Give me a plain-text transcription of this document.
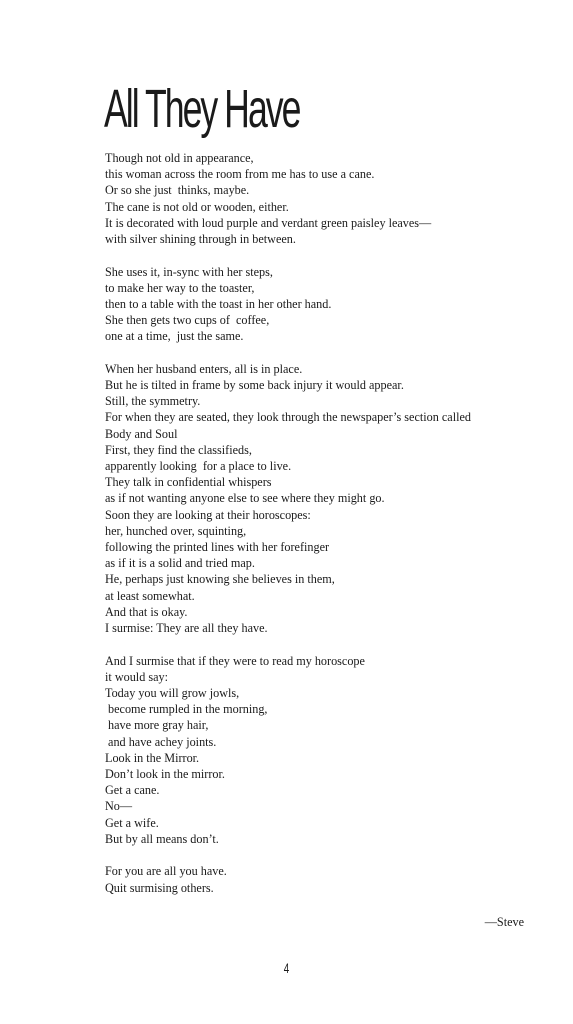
All They Have
Though not old in appearance,
this woman across the room from me has to use a cane.
Or so she just  thinks, maybe.
The cane is not old or wooden, either.
It is decorated with loud purple and verdant green paisley leaves—
with silver shining through in between.
She uses it, in-sync with her steps,
to make her way to the toaster,
then to a table with the toast in her other hand.
She then gets two cups of  coffee,
one at a time,  just the same.
When her husband enters, all is in place.
But he is tilted in frame by some back injury it would appear.
Still, the symmetry.
For when they are seated, they look through the newspaper’s section called
Body and Soul
First, they find the classifieds,
apparently looking  for a place to live.
They talk in confidential whispers
as if not wanting anyone else to see where they might go.
Soon they are looking at their horoscopes:
her, hunched over, squinting,
following the printed lines with her forefinger
as if it is a solid and tried map.
He, perhaps just knowing she believes in them,
at least somewhat.
And that is okay.
I surmise: They are all they have.
And I surmise that if they were to read my horoscope
it would say:
Today you will grow jowls,
become rumpled in the morning,
have more gray hair,
and have achey joints.
Look in the Mirror.
Don’t look in the mirror.
Get a cane.
No—
Get a wife.
But by all means don’t.
For you are all you have.
Quit surmising others.
—Steve
4
